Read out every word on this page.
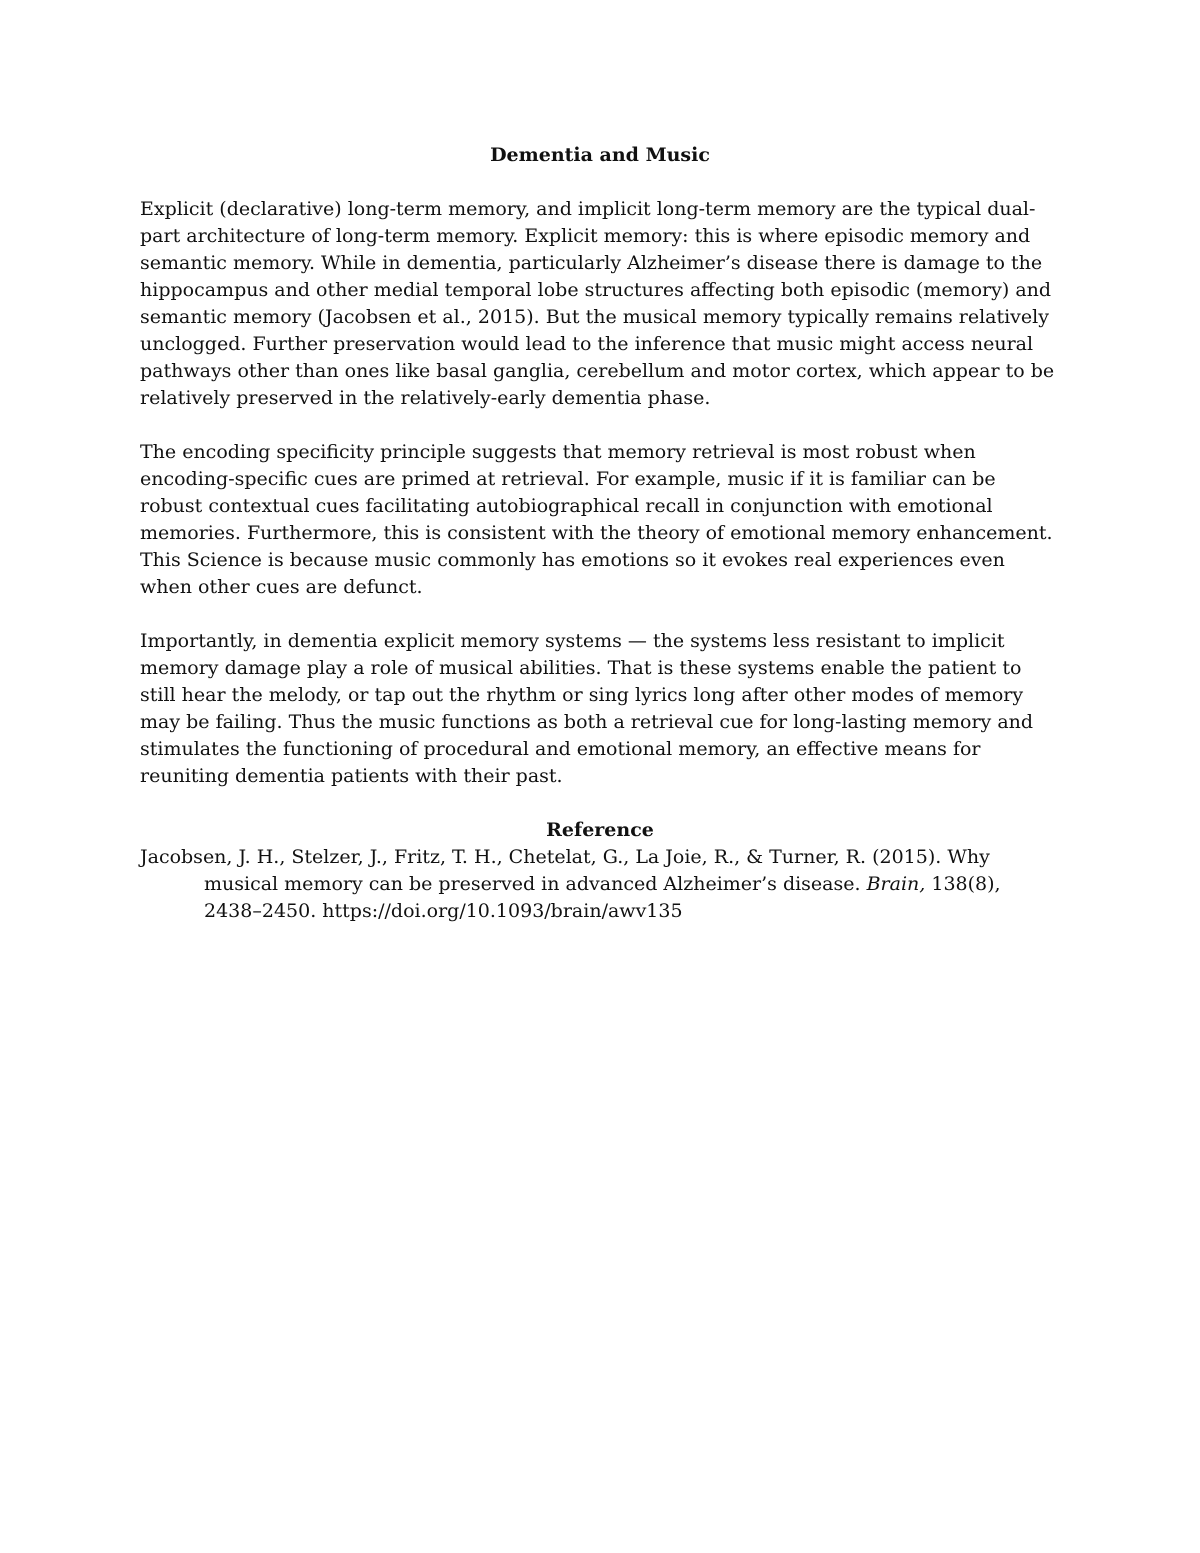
Dementia and Music

Explicit (declarative) long-term memory, and implicit long-term memory are the typical dual-part architecture of long-term memory. Explicit memory: this is where episodic memory and semantic memory. While in dementia, particularly Alzheimer’s disease there is damage to the hippocampus and other medial temporal lobe structures affecting both episodic (memory) and semantic memory (Jacobsen et al., 2015). But the musical memory typically remains relatively unclogged. Further preservation would lead to the inference that music might access neural pathways other than ones like basal ganglia, cerebellum and motor cortex, which appear to be relatively preserved in the relatively-early dementia phase.

The encoding specificity principle suggests that memory retrieval is most robust when encoding-specific cues are primed at retrieval. For example, music if it is familiar can be robust contextual cues facilitating autobiographical recall in conjunction with emotional memories. Furthermore, this is consistent with the theory of emotional memory enhancement. This Science is because music commonly has emotions so it evokes real experiences even when other cues are defunct.

Importantly, in dementia explicit memory systems — the systems less resistant to implicit memory damage play a role of musical abilities. That is these systems enable the patient to still hear the melody, or tap out the rhythm or sing lyrics long after other modes of memory may be failing. Thus the music functions as both a retrieval cue for long-lasting memory and stimulates the functioning of procedural and emotional memory, an effective means for reuniting dementia patients with their past.

Reference

Jacobsen, J. H., Stelzer, J., Fritz, T. H., Chetelat, G., La Joie, R., & Turner, R. (2015). Why musical memory can be preserved in advanced Alzheimer’s disease. Brain, 138(8), 2438–2450. https://doi.org/10.1093/brain/awv135
